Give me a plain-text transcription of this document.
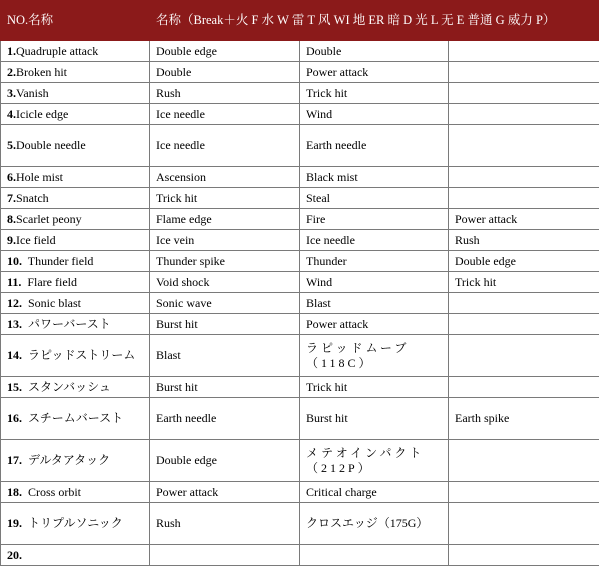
NO.名称	名称（Break＋火 F 水 W 雷 T 风 WI 地 ER 暗 D 光 L 无 E 普通 G 威力 P）		
1.Quadruple attack	Double edge	Double	
2.Broken hit	Double	Power attack	
3.Vanish	Rush	Trick hit	
4.Icicle edge	Ice needle	Wind	
5.Double needle	Ice needle	Earth needle	
6.Hole mist	Ascension	Black mist	
7.Snatch	Trick hit	Steal	
8.Scarlet peony	Flame edge	Fire	Power attack
9.Ice field	Ice vein	Ice needle	Rush
10.  Thunder field	Thunder spike	Thunder	Double edge
11.  Flare field	Void shock	Wind	Trick hit
12.  Sonic blast	Sonic wave	Blast	
13.  パワーバースト	Burst hit	Power attack	
14.  ラピッドストリーム	Blast	ラピッドムーブ（118C）	
15.  スタンバッシュ	Burst hit	Trick hit	
16.  スチームバースト	Earth needle	Burst hit	Earth spike
17.  デルタアタック	Double edge	メテオインパクト（212P）	
18.  Cross orbit	Power attack	Critical charge	
19.  トリプルソニック	Rush	クロスエッジ（175G）	
20.			
